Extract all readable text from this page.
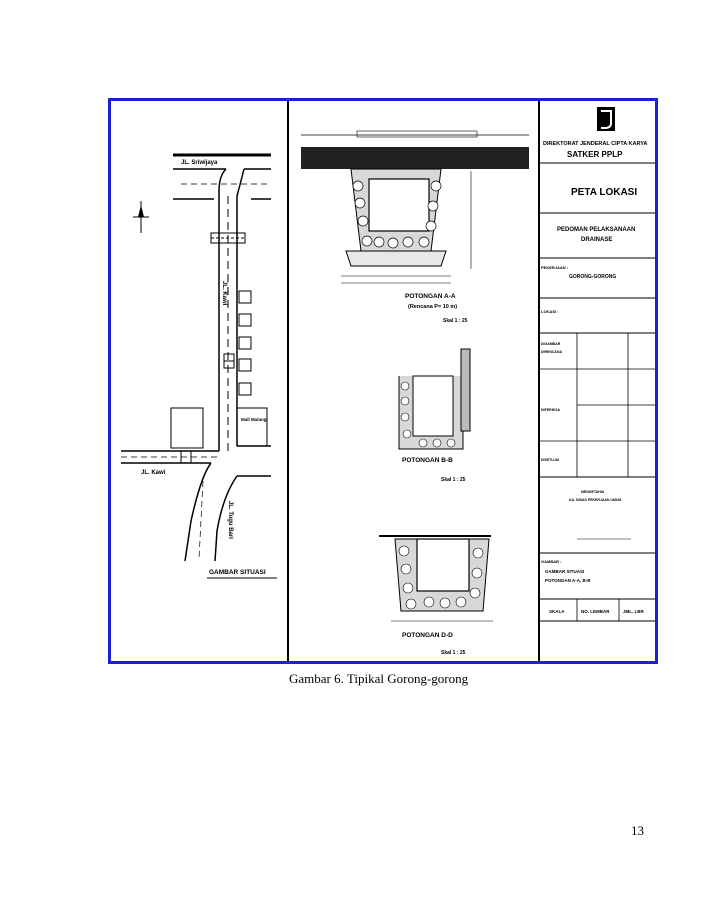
JL. Sriwijaya
JL. Kawi
Mall Malang
JL. Kawi
JL. Tugu Bari
GAMBAR SITUASI
POTONGAN A-A
(Rencana P= 10 m)
Skal 1 : 25
POTONGAN B-B
Skal 1 : 25
POTONGAN D-D
Skal 1 : 25
DIREKTORAT JENDERAL CIPTA KARYA
SATKER PPLP
PETA LOKASI
PEDOMAN PELAKSANAAN
DRAINASE
PEKERJAAN :
GORONG-GORONG
LOKASI :
DIGAMBAR
DIRENCANA
DIPERIKSA
DISETUJUI
MENGETAHUI
KA. DINAS PEKERJAAN UMUM
GAMBAR :
GAMBAR SITUASI
POTONGAN A-A, B-B
SKALA	NO. LEMBAR	JML. LBR
Gambar 6. Tipikal Gorong-gorong
13
